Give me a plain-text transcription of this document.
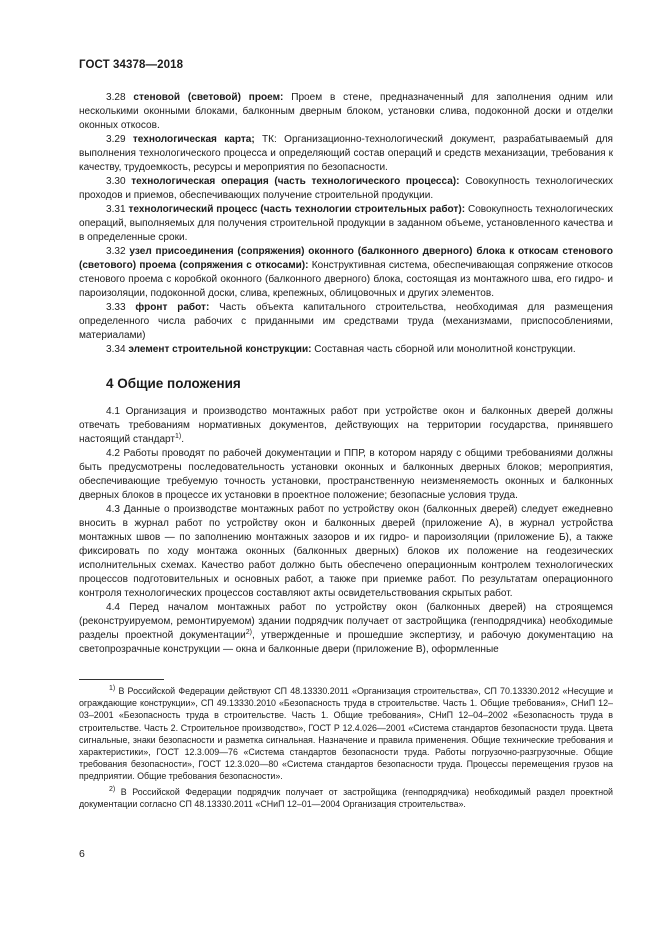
ГОСТ 34378—2018

3.28 стеновой (световой) проем: Проем в стене, предназначенный для заполнения одним или несколькими оконными блоками, балконным дверным блоком, установки слива, подоконной доски и отделки оконных откосов.

3.29 технологическая карта; ТК: Организационно-технологический документ, разрабатываемый для выполнения технологического процесса и определяющий состав операций и средств механизации, требования к качеству, трудоемкость, ресурсы и мероприятия по безопасности.

3.30 технологическая операция (часть технологического процесса): Совокупность технологических проходов и приемов, обеспечивающих получение строительной продукции.

3.31 технологический процесс (часть технологии строительных работ): Совокупность технологических операций, выполняемых для получения строительной продукции в заданном объеме, установленного качества и в определенные сроки.

3.32 узел присоединения (сопряжения) оконного (балконного дверного) блока к откосам стенового (светового) проема (сопряжения с откосами): Конструктивная система, обеспечивающая сопряжение откосов стенового проема с коробкой оконного (балконного дверного) блока, состоящая из монтажного шва, его гидро- и пароизоляции, подоконной доски, слива, крепежных, облицовочных и других элементов.

3.33 фронт работ: Часть объекта капитального строительства, необходимая для размещения определенного числа рабочих с приданными им средствами труда (механизмами, приспособлениями, материалами)

3.34 элемент строительной конструкции: Составная часть сборной или монолитной конструкции.

4 Общие положения

4.1 Организация и производство монтажных работ при устройстве окон и балконных дверей должны отвечать требованиям нормативных документов, действующих на территории государства, принявшего настоящий стандарт$^{1)}$.

4.2 Работы проводят по рабочей документации и ППР, в котором наряду с общими требованиями должны быть предусмотрены последовательность установки оконных и балконных дверных блоков; мероприятия, обеспечивающие требуемую точность установки, пространственную неизменяемость оконных и балконных дверных блоков в процессе их установки в проектное положение; безопасные условия труда.

4.3 Данные о производстве монтажных работ по устройству окон (балконных дверей) следует ежедневно вносить в журнал работ по устройству окон и балконных дверей (приложение А), в журнал устройства монтажных швов — по заполнению монтажных зазоров и их гидро- и пароизоляции (приложение Б), а также фиксировать по ходу монтажа оконных (балконных дверных) блоков их положение на геодезических исполнительных схемах. Качество работ должно быть обеспечено операционным контролем технологических процессов подготовительных и основных работ, а также при приемке работ. По результатам операционного контроля технологических процессов составляют акты освидетельствования скрытых работ.

4.4 Перед началом монтажных работ по устройству окон (балконных дверей) на строящемся (реконструируемом, ремонтируемом) здании подрядчик получает от застройщика (генподрядчика) необходимые разделы проектной документации$^{2)}$, утвержденные и прошедшие экспертизу, и рабочую документацию на светопрозрачные конструкции — окна и балконные двери (приложение В), оформленные

$^{1)}$ В Российской Федерации действуют СП 48.13330.2011 «Организация строительства», СП 70.13330.2012 «Несущие и ограждающие конструкции», СП 49.13330.2010 «Безопасность труда в строительстве. Часть 1. Общие требования», СНиП 12–03–2001 «Безопасность труда в строительстве. Часть 1. Общие требования», СНиП 12–04–2002 «Безопасность труда в строительстве. Часть 2. Строительное производство», ГОСТ Р 12.4.026—2001 «Система стандартов безопасности труда. Цвета сигнальные, знаки безопасности и разметка сигнальная. Назначение и правила применения. Общие технические требования и характеристики», ГОСТ 12.3.009—76 «Система стандартов безопасности труда. Работы погрузочно-разгрузочные. Общие требования безопасности», ГОСТ 12.3.020—80 «Система стандартов безопасности труда. Процессы перемещения грузов на предприятии. Общие требования безопасности».

$^{2)}$ В Российской Федерации подрядчик получает от застройщика (генподрядчика) необходимый раздел проектной документации согласно СП 48.13330.2011 «СНиП 12–01—2004 Организация строительства».

6
